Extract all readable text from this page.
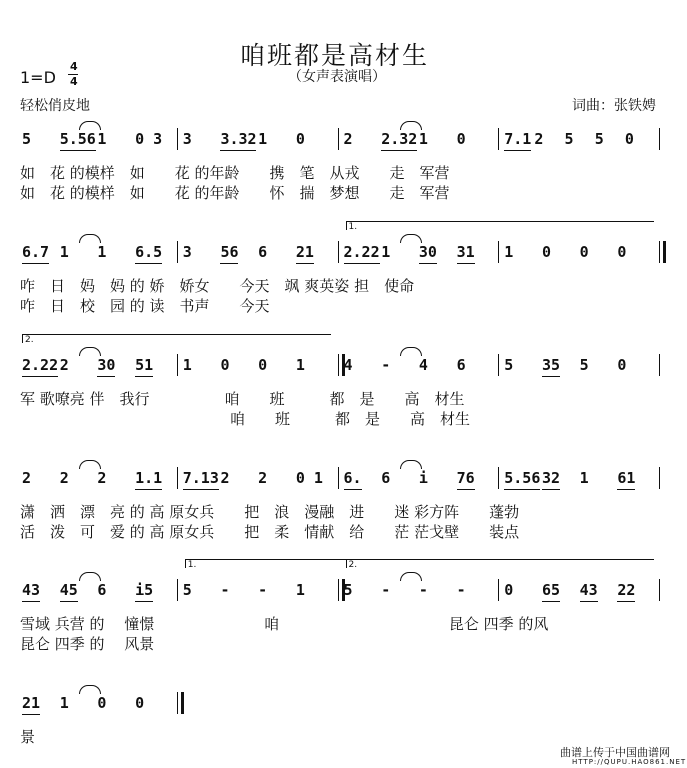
咱班都是高材生
（女声表演唱）
1=D
4
4
轻松俏皮地	词曲：张铁娉
5 5.56 1 0 3 3 3.32 1 0	2 2.32 1 0	7.1 2 5 5 0
如　花 的模样　如　　花 的年龄　　携　笔　从戎　　走　军营
如　花 的模样　如　　花 的年龄　　怀　揣　梦想　　走　军营
6.7 1 1 6.5 3 56 6 21 2.22 1 30 31 1 0 0 0
1.
咋　日　妈　妈 的 娇　娇女　　今天　飒 爽英姿 担　使命
咋　日　校　园 的 读　书声　　今天
2.22 2 30 51 1 0 0 1	4 - 4 6	5 35 5 0
2.
军 歌嘹亮 伴　我行　　　　　咱　　班　　　都　是　　高　材生
　　　　　　　　　　　　　　咱　　班　　　都　是　　高　材生
2 2 2 1.1 7.13 2 2 0 1 6. 6 i 76 5.56 32 1 61
潇　洒　漂　亮 的 高 原女兵　　把　浪　漫融　进　　迷 彩方阵　　蓬勃
活　泼　可　爱 的 高 原女兵　　把　柔　情献　给　　茫 茫戈壁　　装点
43 45 6 i5 5 - - 1	5 - - -	0 65 43 22
1.	2.
雪域 兵营 的　 憧憬　　　　　　　 咱　　　　　　　　　　　 昆仑 四季 的风
昆仑 四季 的　 风景
21 1 0 0
景
曲谱上传于中国曲谱网
HTTP://QUPU.HAO861.NET
